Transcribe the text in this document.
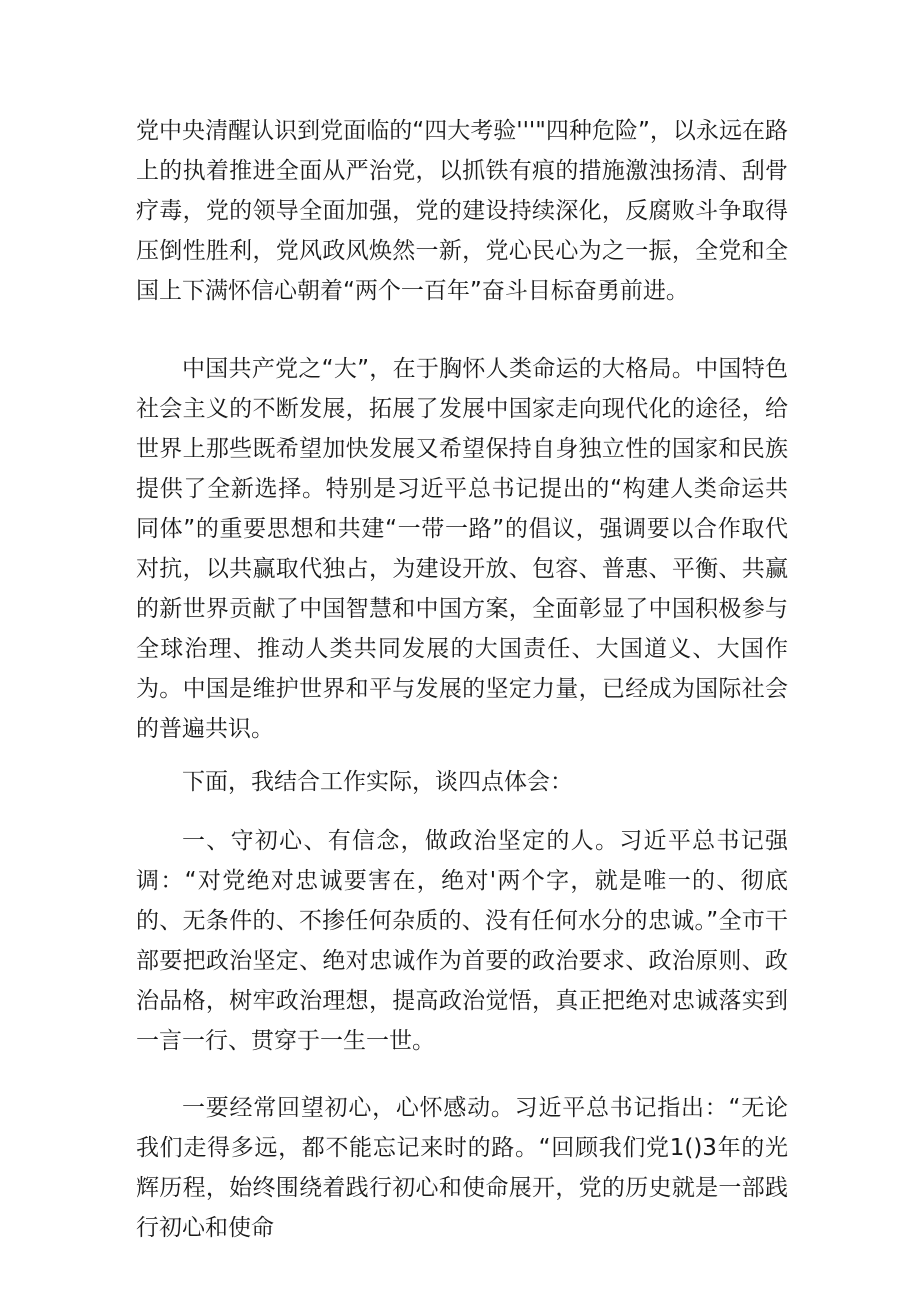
党中央清醒认识到党面临的“四大考验'''"四种危险”，以永远在路上的执着推进全面从严治党，以抓铁有痕的措施激浊扬清、刮骨疗毒，党的领导全面加强，党的建设持续深化，反腐败斗争取得压倒性胜利，党风政风焕然一新，党心民心为之一振，全党和全国上下满怀信心朝着“两个一百年”奋斗目标奋勇前进。

中国共产党之“大”，在于胸怀人类命运的大格局。中国特色社会主义的不断发展，拓展了发展中国家走向现代化的途径，给世界上那些既希望加快发展又希望保持自身独立性的国家和民族提供了全新选择。特别是习近平总书记提出的“构建人类命运共同体”的重要思想和共建“一带一路”的倡议，强调要以合作取代对抗，以共赢取代独占，为建设开放、包容、普惠、平衡、共赢的新世界贡献了中国智慧和中国方案，全面彰显了中国积极参与全球治理、推动人类共同发展的大国责任、大国道义、大国作为。中国是维护世界和平与发展的坚定力量，已经成为国际社会的普遍共识。

下面，我结合工作实际，谈四点体会：

一、守初心、有信念，做政治坚定的人。习近平总书记强调：“对党绝对忠诚要害在，绝对'两个字，就是唯一的、彻底的、无条件的、不掺任何杂质的、没有任何水分的忠诚。”全市干部要把政治坚定、绝对忠诚作为首要的政治要求、政治原则、政治品格，树牢政治理想，提高政治觉悟，真正把绝对忠诚落实到一言一行、贯穿于一生一世。

一要经常回望初心，心怀感动。习近平总书记指出：“无论我们走得多远，都不能忘记来时的路。“回顾我们党1()3年的光辉历程，始终围绕着践行初心和使命展开，党的历史就是一部践行初心和使命
